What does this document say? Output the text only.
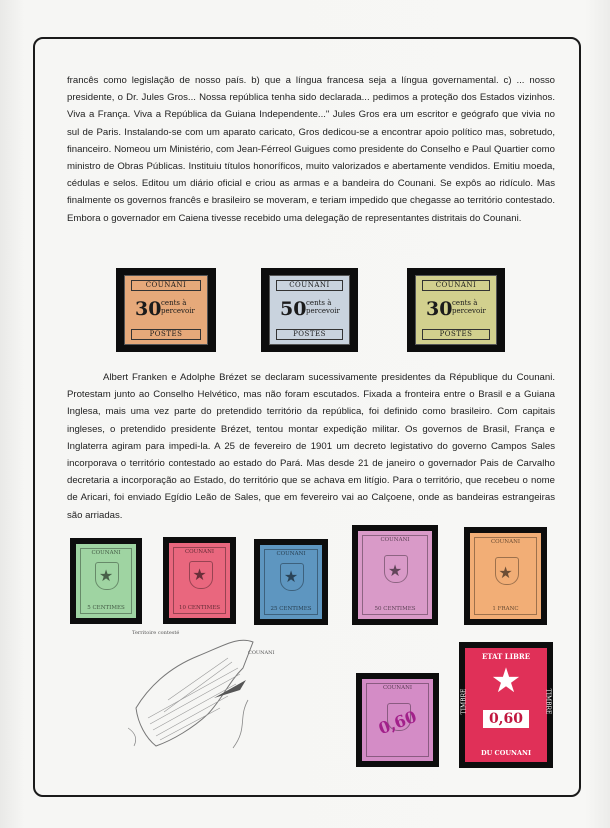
francês como legislação de nosso país. b) que a língua francesa seja a língua governamental. c) ... nosso presidente, o Dr. Jules Gros... Nossa república tenha sido declarada... pedimos a proteção dos Estados vizinhos. Viva a França. Viva a República da Guiana Independente..." Jules Gros era um escritor e geógrafo que vivia no sul de Paris. Instalando-se com um aparato caricato, Gros dedicou-se a encontrar apoio político mas, sobretudo, financeiro. Nomeou um Ministério, com Jean-Férreol Guigues como presidente do Conselho e Paul Quartier como ministro de Obras Públicas. Instituiu títulos honoríficos, muito valorizados e abertamente vendidos. Emitiu moeda, cédulas e selos. Editou um diário oficial e criou as armas e a bandeira do Counani. Se expôs ao ridículo. Mas finalmente os governos francês e brasileiro se moveram, e teriam impedido que chegasse ao território contestado. Embora o governador em Caiena tivesse recebido uma delegação de representantes distritais do Counani.

COUNANI
30 cents à percevoir
POSTES
COUNANI
50 cents à percevoir
POSTES
COUNANI
30 cents à percevoir
POSTES

Albert Franken e Adolphe Brézet se declaram sucessivamente presidentes da République du Counani. Protestam junto ao Conselho Helvético, mas não foram escutados. Fixada a fronteira entre o Brasil e a Guiana Inglesa, mais uma vez parte do pretendido território da república, foi definido como brasileiro. Com capitais ingleses, o pretendido presidente Brézet, tentou montar expedição militar. Os governos de Brasil, França e Inglaterra agiram para impedi-la. A 25 de fevereiro de 1901 um decreto legistativo do governo Campos Sales incorporava o território contestado ao estado do Pará. Mas desde 21 de janeiro o governador Pais de Carvalho decretaria a incorporação ao Estado, do território que se achava em litígio. Para o território, que recebeu o nome de Aricari, foi enviado Egídio Leão de Sales, que em fevereiro vai ao Calçoene, onde as bandeiras estrangeiras são arriadas.

COUNANI
★
5 CENTIMES
COUNANI
★
10 CENTIMES
COUNANI
★
25 CENTIMES
COUNANI
★
50 CENTIMES
COUNANI
★
1 FRANC
Territoire contesté
COUNANI
COUNANI
0,60
ETAT LIBRE
TIMBRE	TIMBRE
★
0,60
DU COUNANI
